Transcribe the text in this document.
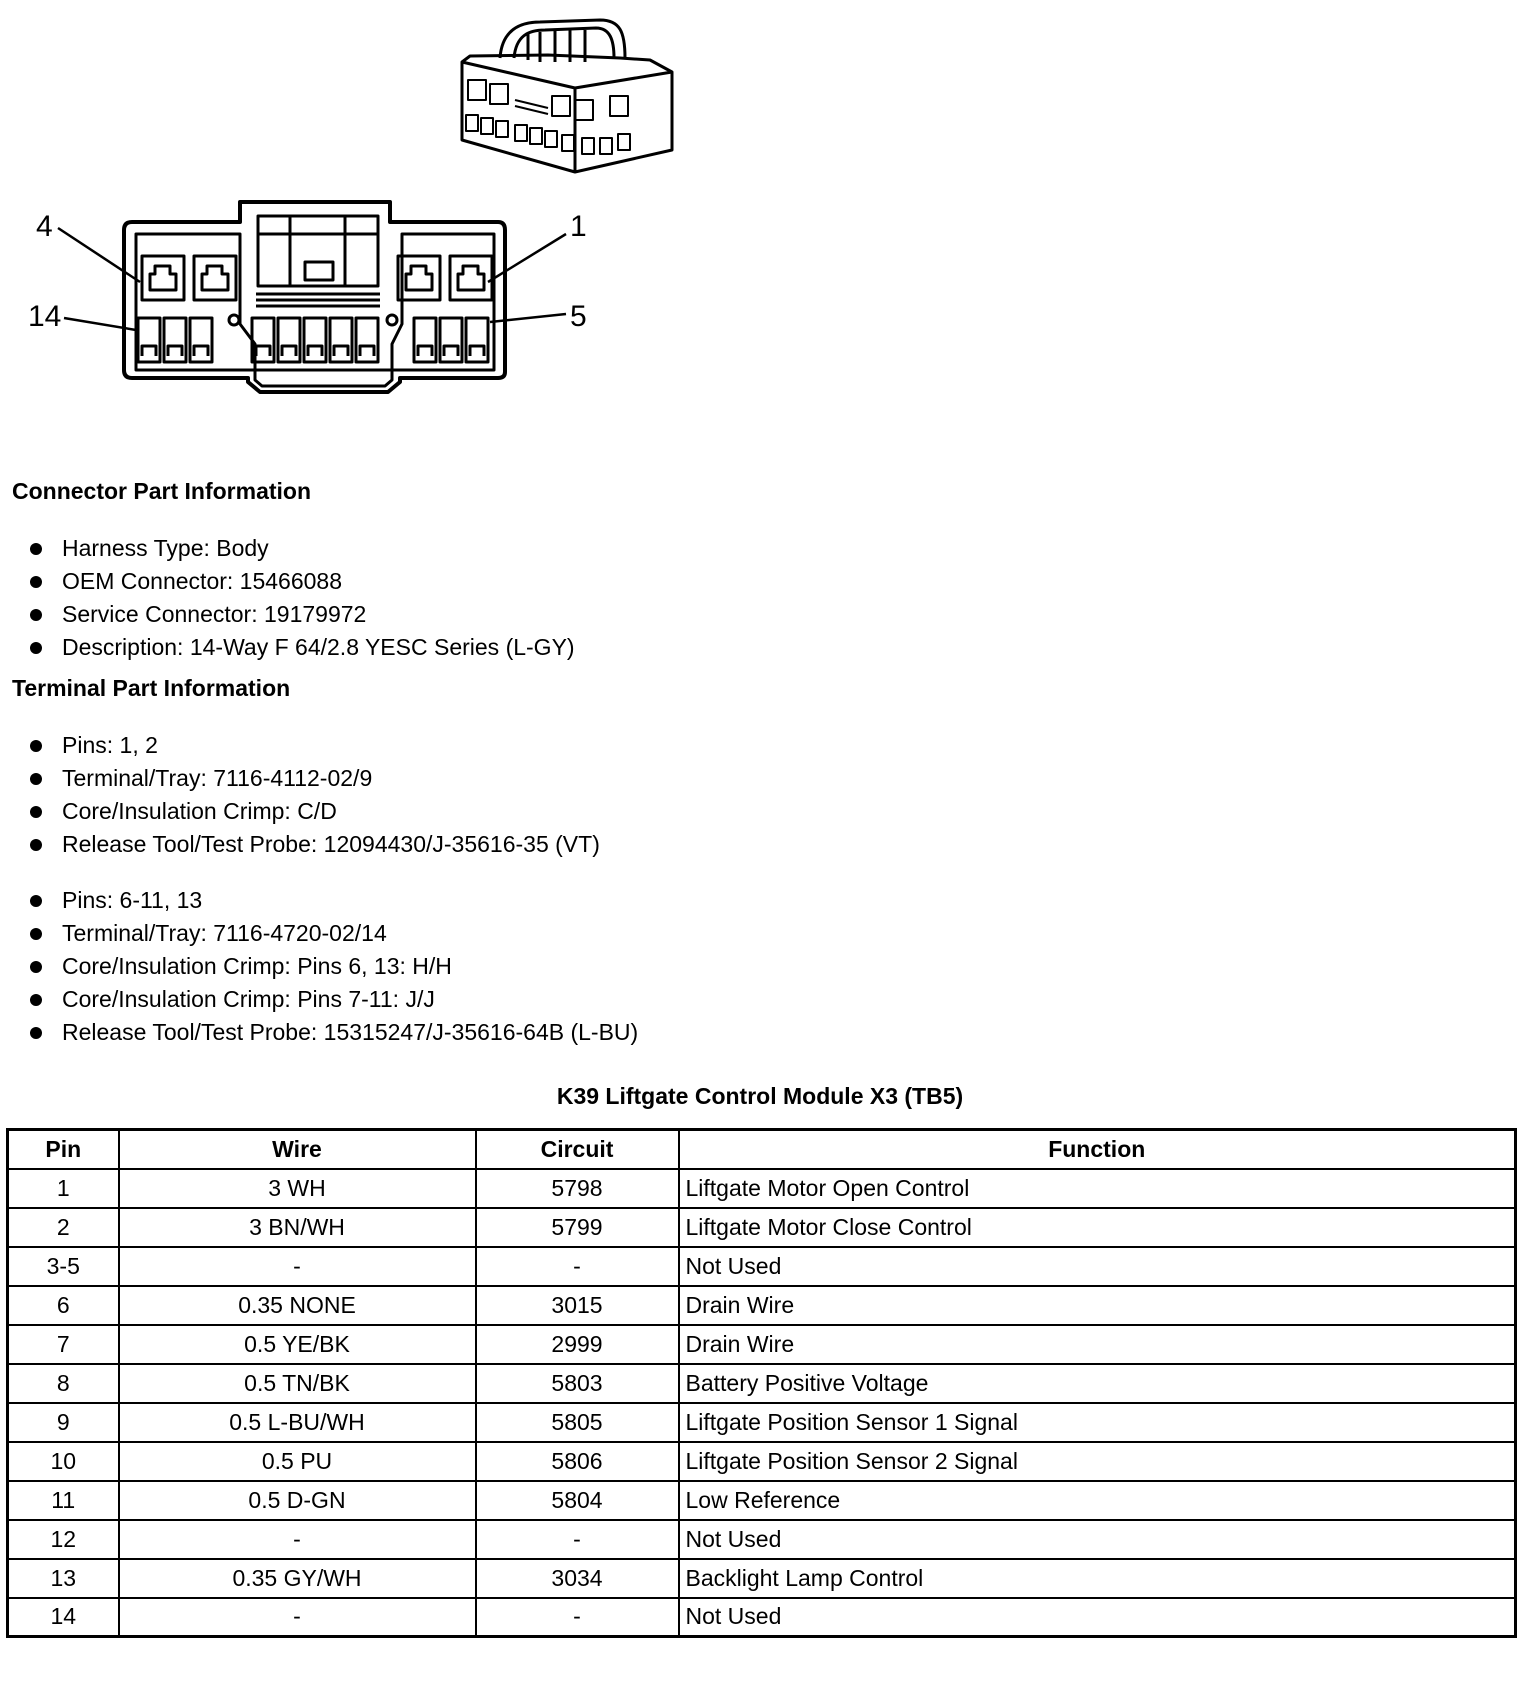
4	1
14	5
Connector Part Information
Harness Type: Body
OEM Connector: 15466088
Service Connector: 19179972
Description: 14-Way F 64/2.8 YESC Series (L-GY)
Terminal Part Information
Pins: 1, 2
Terminal/Tray: 7116-4112-02/9
Core/Insulation Crimp: C/D
Release Tool/Test Probe: 12094430/J-35616-35 (VT)
Pins: 6-11, 13
Terminal/Tray: 7116-4720-02/14
Core/Insulation Crimp: Pins 6, 13: H/H
Core/Insulation Crimp: Pins 7-11: J/J
Release Tool/Test Probe: 15315247/J-35616-64B (L-BU)
K39 Liftgate Control Module X3 (TB5)
Pin	Wire	Circuit	Function
1	3 WH	5798	Liftgate Motor Open Control
2	3 BN/WH	5799	Liftgate Motor Close Control
3-5	-	-	Not Used
6	0.35 NONE	3015	Drain Wire
7	0.5 YE/BK	2999	Drain Wire
8	0.5 TN/BK	5803	Battery Positive Voltage
9	0.5 L-BU/WH	5805	Liftgate Position Sensor 1 Signal
10	0.5 PU	5806	Liftgate Position Sensor 2 Signal
11	0.5 D-GN	5804	Low Reference
12	-	-	Not Used
13	0.35 GY/WH	3034	Backlight Lamp Control
14	-	-	Not Used
